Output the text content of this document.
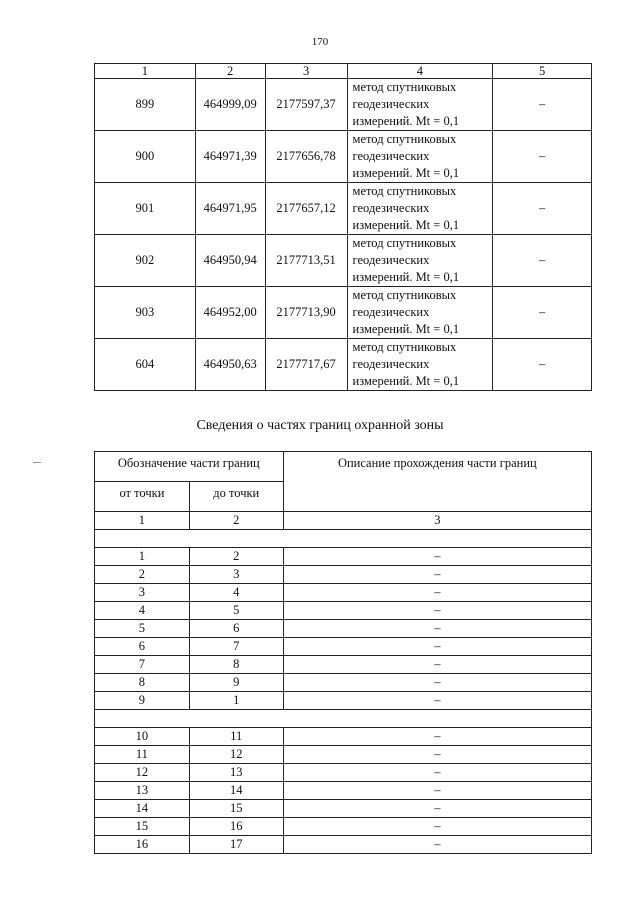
170
1	2	3	4	5
899	464999,09	2177597,37	метод спутниковых
геодезических
измерений. Mt = 0,1	–
900	464971,39	2177656,78	метод спутниковых
геодезических
измерений. Mt = 0,1	–
901	464971,95	2177657,12	метод спутниковых
геодезических
измерений. Mt = 0,1	–
902	464950,94	2177713,51	метод спутниковых
геодезических
измерений. Mt = 0,1	–
903	464952,00	2177713,90	метод спутниковых
геодезических
измерений. Mt = 0,1	–
604	464950,63	2177717,67	метод спутниковых
геодезических
измерений. Mt = 0,1	–
Сведения о частях границ охранной зоны
Обозначение части границ		Описание прохождения части границ
от точки	до точки	
1	2	3

1	2	–
2	3	–
3	4	–
4	5	–
5	6	–
6	7	–
7	8	–
8	9	–
9	1	–

10	11	–
11	12	–
12	13	–
13	14	–
14	15	–
15	16	–
16	17	–
